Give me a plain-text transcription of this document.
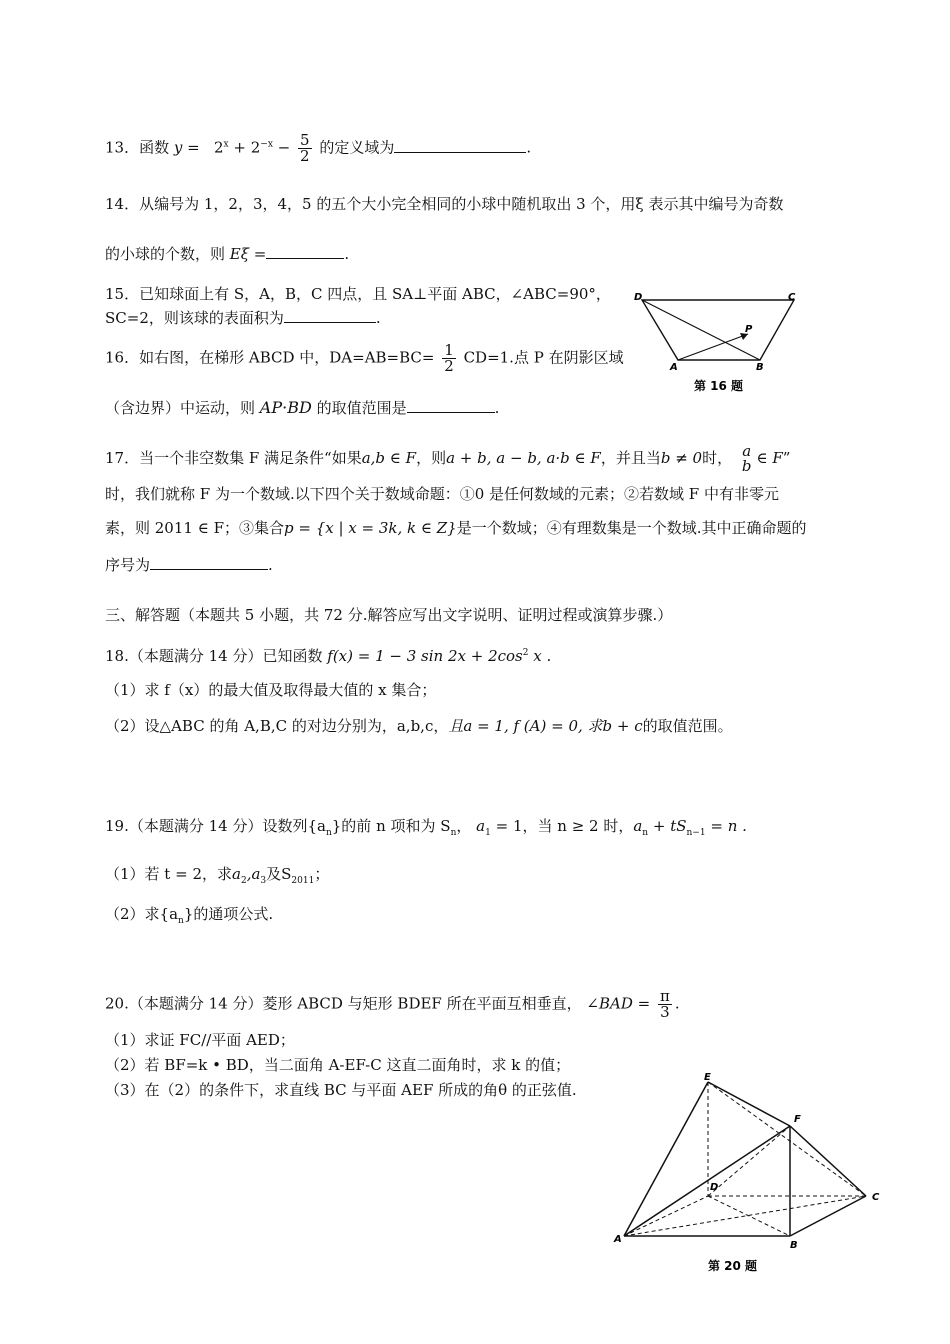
13．函数 $y = 2^x + 2^{-x} - \frac{5}{2}$ 的定义域为	.
14．从编号为 1，2，3，4，5 的五个大小完全相同的小球中随机取出 3 个，用ξ 表示其中编号为奇数
的小球的个数，则 Eξ =	.
15．已知球面上有 S，A，B，C 四点，且 SA⊥平面 ABC，∠ABC=90°，
SC=2，则该球的表面积为	.
16．如右图，在梯形 ABCD 中，$DA=AB=BC= \frac{1}{2} CD=1$.点 P 在阴影区域
（含边界）中运动，则 AP·BD 的取值范围是	.
D	C
A	B
P
第 16 题
17．当一个非空数集 F 满足条件“如果a,b ∈ F，则a + b, a − b, a·b ∈ F，并且当b ≠ 0时， a
b ∈ F”
时，我们就称 F 为一个数域.以下四个关于数域命题：①0 是任何数域的元素；②若数域 F 中有非零元
素，则 2011 ∈ F；③集合p = {x | x = 3k, k ∈ Z}是一个数域；④有理数集是一个数域.其中正确命题的
序号为	.
三、解答题（本题共 5 小题，共 72 分.解答应写出文字说明、证明过程或演算步骤.）
18.（本题满分 14 分）已知函数 f(x) = 1 − 3 $\sin 2x + 2\cos^2$ x .
（1）求 f（x）的最大值及取得最大值的 x 集合；
（2）设△ABC 的角 A,B,C 的对边分别为，a,b,c，且a = 1, f (A) = 0, 求b + c的取值范围。
19.（本题满分 14 分）设数列$\{a_n\}$的前 n 项和为 $S_n$， $a_1 = 1$，当 n ≥ 2 时，$a_n + tS_{n-1} = n$ .
（1）若 t = 2，求$a_2,a_3$及$S_{2011}$；
（2）求$\{a_n\}$的通项公式.
20.（本题满分 14 分）菱形 ABCD 与矩形 BDEF 所在平面互相垂直， ∠BAD = $\frac{\pi}{3}$ .
（1）求证 FC//平面 AED；
（2）若 BF=k • BD，当二面角 A-EF-C 这直二面角时，求 k 的值；
（3）在（2）的条件下，求直线 BC 与平面 AEF 所成的角θ 的正弦值.
E
F
D
C
A
B
第 20 题
